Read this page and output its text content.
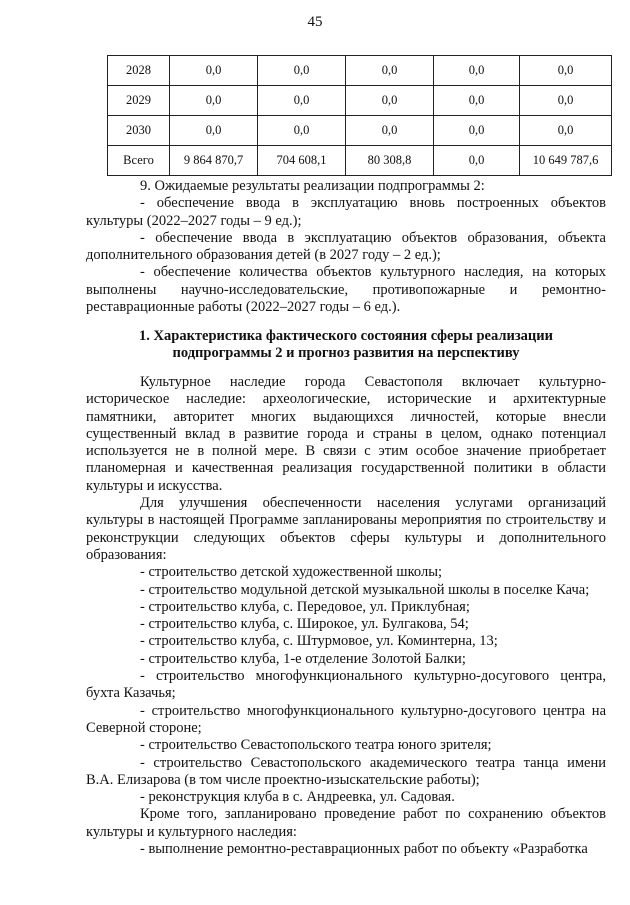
45
2028	0,0	0,0	0,0	0,0	0,0
2029	0,0	0,0	0,0	0,0	0,0
2030	0,0	0,0	0,0	0,0	0,0
Всего	9 864 870,7	704 608,1	80 308,8	0,0	10 649 787,6

9. Ожидаемые результаты реализации подпрограммы 2:

- обеспечение ввода в эксплуатацию вновь построенных объектов культуры (2022–2027 годы – 9 ед.);

- обеспечение ввода в эксплуатацию объектов образования, объекта дополнительного образования детей (в 2027 году – 2 ед.);

- обеспечение количества объектов культурного наследия, на которых выполнены научно-исследовательские, противопожарные и ремонтно-реставрационные работы (2022–2027 годы – 6 ед.).

1. Характеристика фактического состояния сферы реализации

подпрограммы 2 и прогноз развития на перспективу

Культурное наследие города Севастополя включает культурно-историческое наследие: археологические, исторические и архитектурные памятники, авторитет многих выдающихся личностей, которые внесли существенный вклад в развитие города и страны в целом, однако потенциал используется не в полной мере. В связи с этим особое значение приобретает планомерная и качественная реализация государственной политики в области культуры и искусства.

Для улучшения обеспеченности населения услугами организаций культуры в настоящей Программе запланированы мероприятия по строительству и реконструкции следующих объектов сферы культуры и дополнительного образования:

- строительство детской художественной школы;

- строительство модульной детской музыкальной школы в поселке Кача;

- строительство клуба, с. Передовое, ул. Приклубная;

- строительство клуба, с. Широкое, ул. Булгакова, 54;

- строительство клуба, с. Штурмовое, ул. Коминтерна, 13;

- строительство клуба, 1-е отделение Золотой Балки;

- строительство многофункционального культурно-досугового центра, бухта Казачья;

- строительство многофункционального культурно-досугового центра на Северной стороне;

- строительство Севастопольского театра юного зрителя;

- строительство Севастопольского академического театра танца имени В.А. Елизарова (в том числе проектно-изыскательские работы);

- реконструкция клуба в с. Андреевка, ул. Садовая.

Кроме того, запланировано проведение работ по сохранению объектов культуры и культурного наследия:

- выполнение ремонтно-реставрационных работ по объекту «Разработка
